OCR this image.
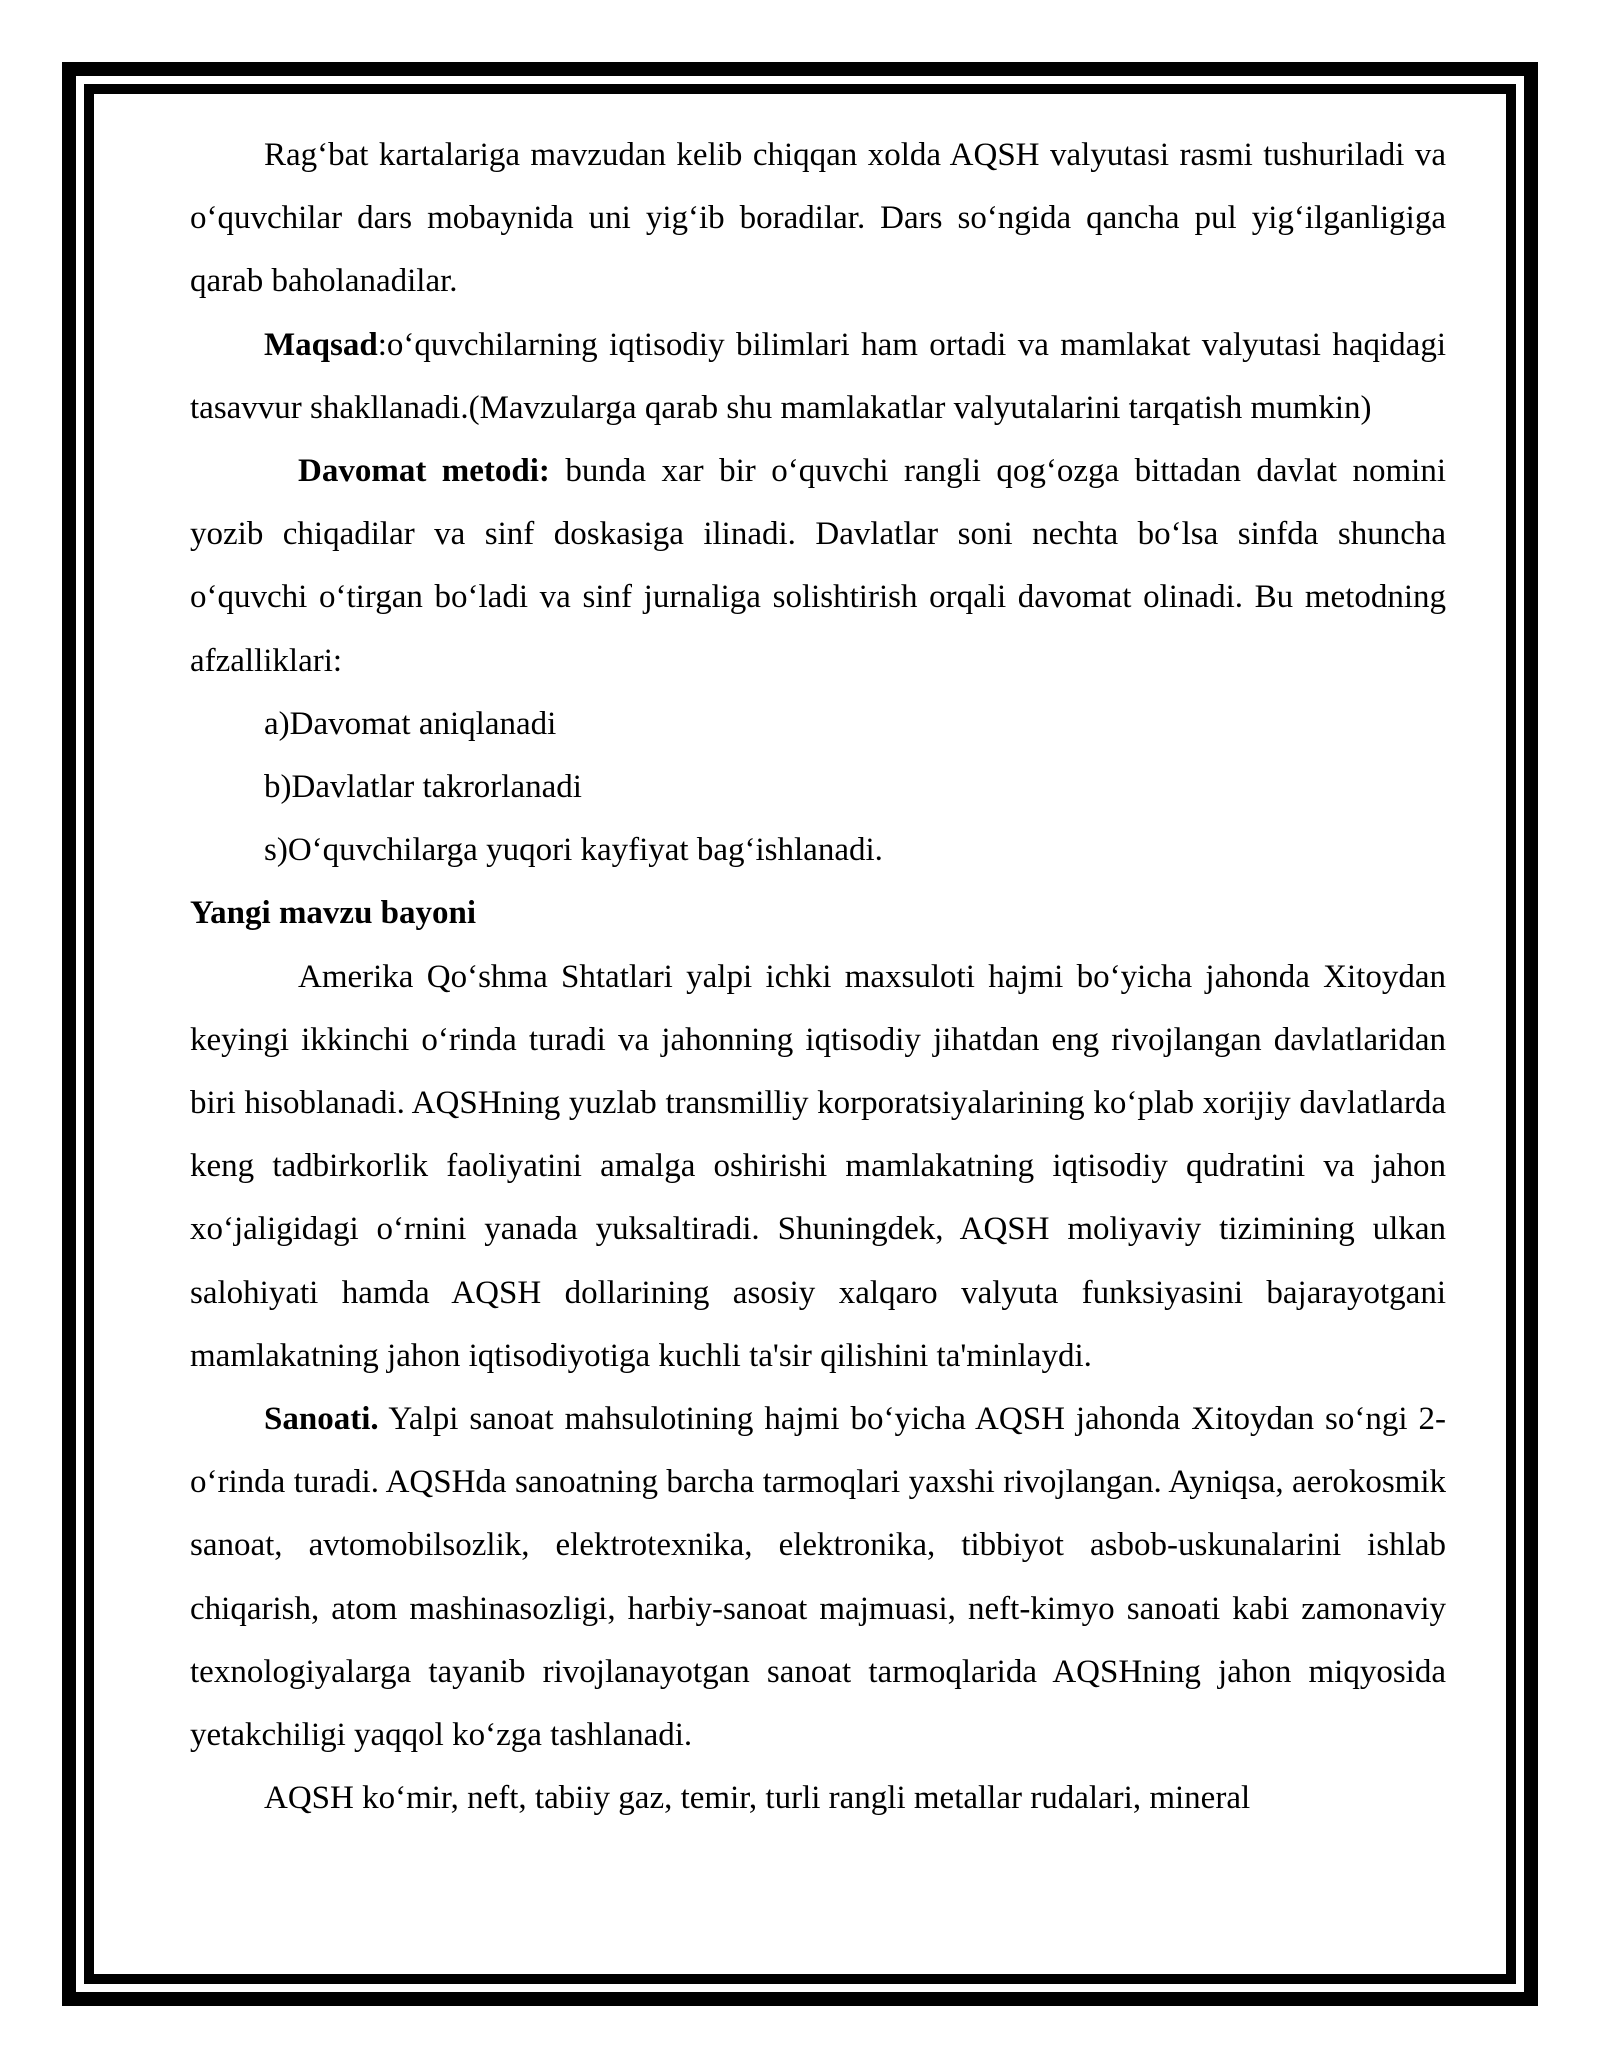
Rag‘bat kartalariga mavzudan kelib chiqqan xolda AQSH valyutasi rasmi tushuriladi va o‘quvchilar dars mobaynida uni yig‘ib boradilar. Dars so‘ngida qancha pul yig‘ilganligiga qarab baholanadilar.

Maqsad:o‘quvchilarning iqtisodiy bilimlari ham ortadi va mamlakat valyutasi haqidagi tasavvur shakllanadi.(Mavzularga qarab shu mamlakatlar valyutalarini tarqatish mumkin)

Davomat metodi: bunda xar bir o‘quvchi rangli qog‘ozga bittadan davlat nomini yozib chiqadilar va sinf doskasiga ilinadi. Davlatlar soni nechta bo‘lsa sinfda shuncha o‘quvchi o‘tirgan bo‘ladi va sinf jurnaliga solishtirish orqali davomat olinadi. Bu metodning afzalliklari:

a)Davomat aniqlanadi

b)Davlatlar takrorlanadi

s)O‘quvchilarga yuqori kayfiyat bag‘ishlanadi.

Yangi mavzu bayoni

Amerika Qo‘shma Shtatlari yalpi ichki maxsuloti hajmi bo‘yicha jahonda Xitoydan keyingi ikkinchi o‘rinda turadi va jahonning iqtisodiy jihatdan eng rivojlangan davlatlaridan biri hisoblanadi. AQSHning yuzlab transmilliy korporatsiyalarining ko‘plab xorijiy davlatlarda keng tadbirkorlik faoliyatini amalga oshirishi mamlakatning iqtisodiy qudratini va jahon xo‘jaligidagi o‘rnini yanada yuksaltiradi. Shuningdek, AQSH moliyaviy tizimining ulkan salohiyati hamda AQSH dollarining asosiy xalqaro valyuta funksiyasini bajarayotgani mamlakatning jahon iqtisodiyotiga kuchli ta'sir qilishini ta'minlaydi.

Sanoati. Yalpi sanoat mahsulotining hajmi bo‘yicha AQSH jahonda Xitoydan so‘ngi 2-o‘rinda turadi. AQSHda sanoatning barcha tarmoqlari yaxshi rivojlangan. Ayniqsa, aerokosmik sanoat, avtomobilsozlik, elektrotexnika, elektronika, tibbiyot asbob-uskunalarini ishlab chiqarish, atom mashinasozligi, harbiy-sanoat majmuasi, neft-kimyo sanoati kabi zamonaviy texnologiyalarga tayanib rivojlanayotgan sanoat tarmoqlarida AQSHning jahon miqyosida yetakchiligi yaqqol ko‘zga tashlanadi.

AQSH ko‘mir, neft, tabiiy gaz, temir, turli rangli metallar rudalari, mineral
